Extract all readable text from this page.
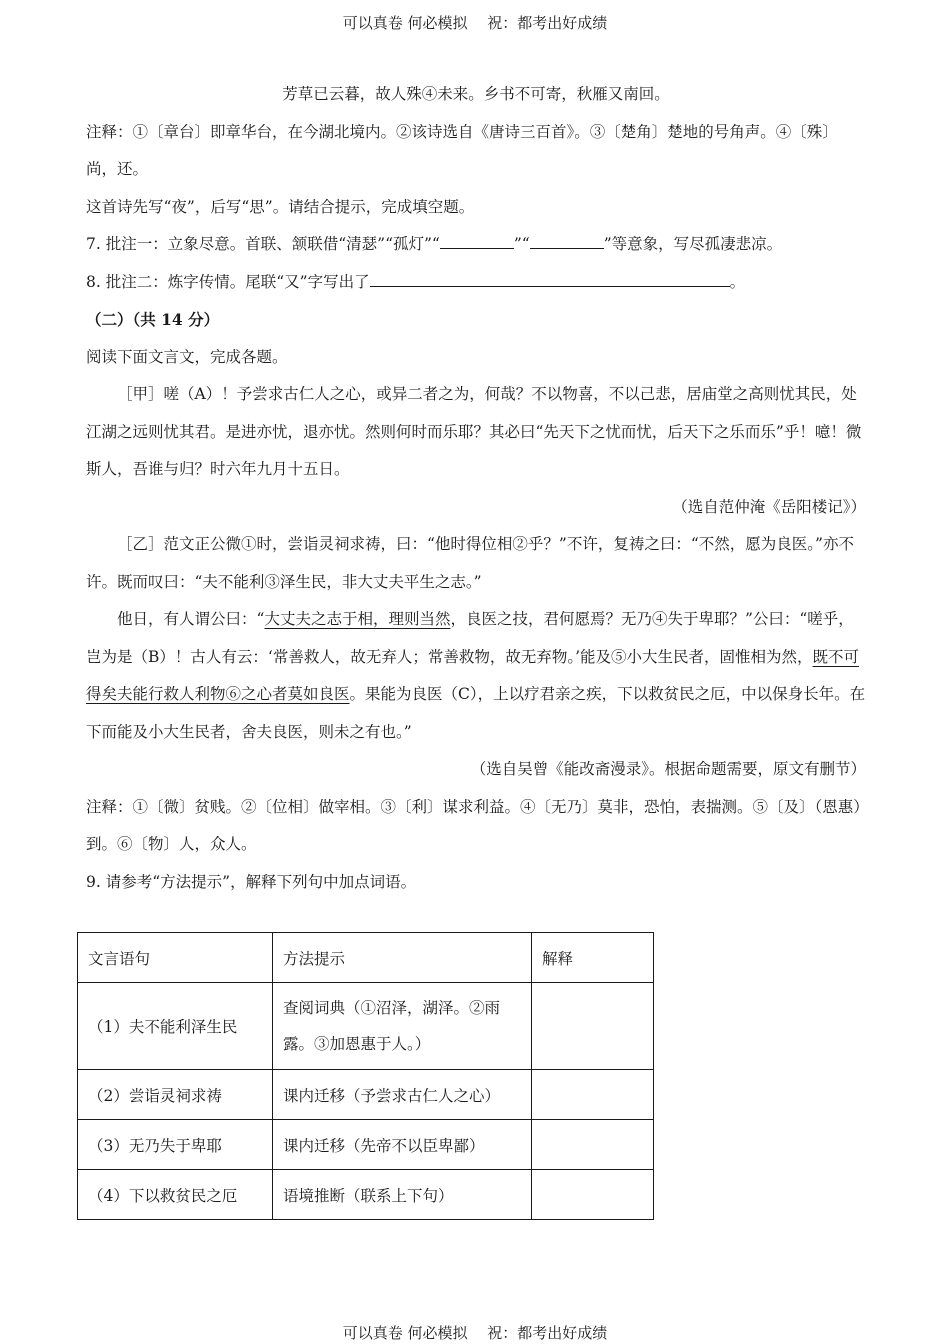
可以真卷 何必模拟　 祝：都考出好成绩

芳草已云暮，故人殊④未来。乡书不可寄，秋雁又南回。

注释：①〔章台〕即章华台，在今湖北境内。②该诗选自《唐诗三百首》。③〔楚角〕楚地的号角声。④〔殊〕尚，还。

这首诗先写“夜”，后写“思”。请结合提示，完成填空题。

7. 批注一：立象尽意。首联、颔联借“清瑟”“孤灯”“	”“	”等意象，写尽孤凄悲凉。

8. 批注二：炼字传情。尾联“又”字写出了	。

（二）（共 14 分）

阅读下面文言文，完成各题。

［甲］嗟（A）！予尝求古仁人之心，或异二者之为，何哉？不以物喜，不以己悲，居庙堂之高则忧其民，处江湖之远则忧其君。是进亦忧，退亦忧。然则何时而乐耶？其必曰“先天下之忧而忧，后天下之乐而乐”乎！噫！微斯人，吾谁与归？时六年九月十五日。

（选自范仲淹《岳阳楼记》）

［乙］范文正公微①时，尝诣灵祠求祷，曰：“他时得位相②乎？”不许，复祷之曰：“不然，愿为良医。”亦不许。既而叹曰：“夫不能利③泽生民，非大丈夫平生之志。”

他日，有人谓公曰：“大丈夫之志于相，理则当然，良医之技，君何愿焉？无乃④失于卑耶？”公曰：“嗟乎，岂为是（B）！古人有云：‘常善救人，故无弃人；常善救物，故无弃物。’能及⑤小大生民者，固惟相为然，既不可得矣夫能行救人利物⑥之心者莫如良医。果能为良医（C），上以疗君亲之疾，下以救贫民之厄，中以保身长年。在下而能及小大生民者，舍夫良医，则未之有也。”

（选自吴曾《能改斋漫录》。根据命题需要，原文有删节）

注释：①〔微〕贫贱。②〔位相〕做宰相。③〔利〕谋求利益。④〔无乃〕莫非，恐怕，表揣测。⑤〔及〕（恩惠）到。⑥〔物〕人，众人。

9. 请参考“方法提示”，解释下列句中加点词语。

文言语句	方法提示	解释
（1）夫不能利泽生民	查阅词典（①沼泽，湖泽。②雨露。③加恩惠于人。）	
（2）尝诣灵祠求祷	课内迁移（予尝求古仁人之心）	
（3）无乃失于卑耶	课内迁移（先帝不以臣卑鄙）	
（4）下以救贫民之厄	语境推断（联系上下句）	
可以真卷 何必模拟　 祝：都考出好成绩
